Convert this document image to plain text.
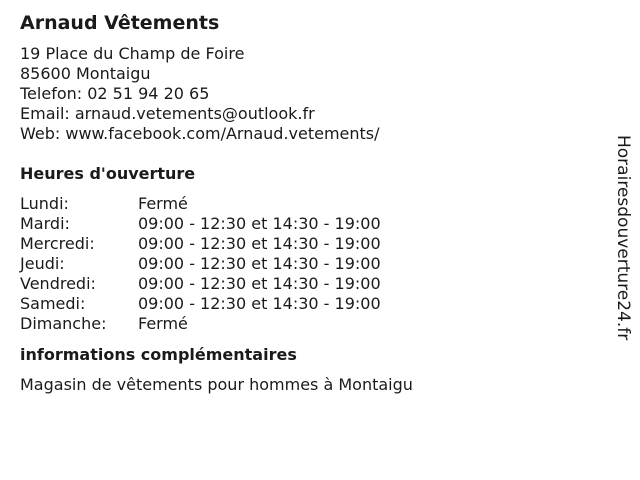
Arnaud Vêtements
19 Place du Champ de Foire
85600 Montaigu
Telefon: 02 51 94 20 65
Email: arnaud.vetements@outlook.fr
Web: www.facebook.com/Arnaud.vetements/
Heures d'ouverture
Lundi:	Fermé
Mardi:	09:00 - 12:30 et 14:30 - 19:00
Mercredi:	09:00 - 12:30 et 14:30 - 19:00
Jeudi:	09:00 - 12:30 et 14:30 - 19:00
Vendredi:	09:00 - 12:30 et 14:30 - 19:00
Samedi:	09:00 - 12:30 et 14:30 - 19:00
Dimanche:	Fermé
informations complémentaires
Magasin de vêtements pour hommes à Montaigu
Horairesdouverture24.fr
